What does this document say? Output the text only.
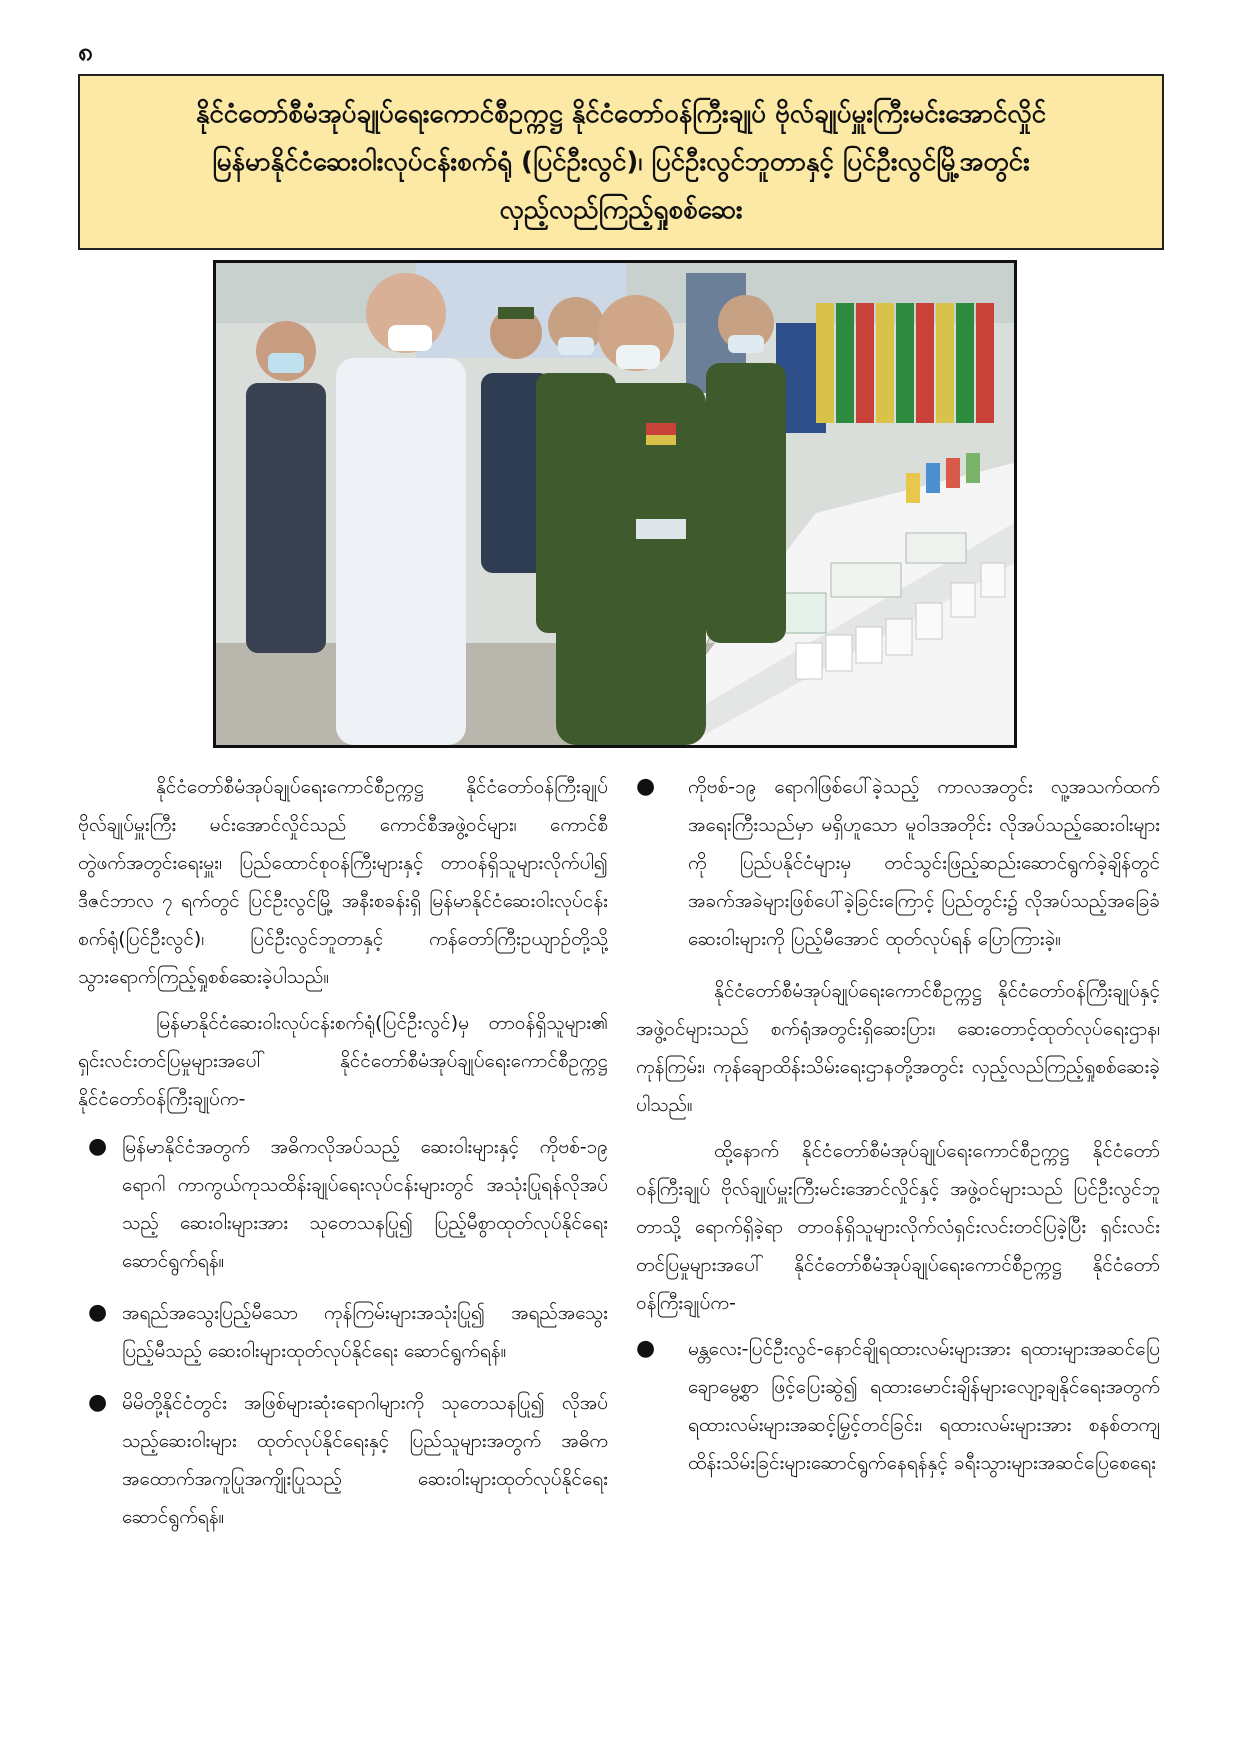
၈
နိုင်ငံတော်စီမံအုပ်ချုပ်ရေးကောင်စီဥက္ကဋ္ဌ နိုင်ငံတော်ဝန်ကြီးချုပ် ဗိုလ်ချုပ်မှူးကြီးမင်းအောင်လှိုင်
မြန်မာနိုင်ငံဆေးဝါးလုပ်ငန်းစက်ရုံ (ပြင်ဦးလွင်)၊ ပြင်ဦးလွင်ဘူတာနှင့် ပြင်ဦးလွင်မြို့အတွင်း
လှည့်လည်ကြည့်ရှုစစ်ဆေး

နိုင်ငံတော်စီမံအုပ်ချုပ်ရေးကောင်စီဥက္ကဋ္ဌ နိုင်ငံတော်ဝန်ကြီးချုပ် ဗိုလ်ချုပ်မှူးကြီး မင်းအောင်လှိုင်သည် ကောင်စီအဖွဲ့ဝင်များ၊ ကောင်စီတွဲဖက်အတွင်းရေးမှူး၊ ပြည်ထောင်စုဝန်ကြီးများနှင့် တာဝန်ရှိသူများလိုက်ပါ၍ ဒီဇင်ဘာလ ၇ ရက်တွင် ပြင်ဦးလွင်မြို့ အနီးစခန်းရှိ မြန်မာနိုင်ငံဆေးဝါးလုပ်ငန်းစက်ရုံ(ပြင်ဦးလွင်)၊ ပြင်ဦးလွင်ဘူတာနှင့် ကန်တော်ကြီးဥယျာဉ်တို့သို့ သွားရောက်ကြည့်ရှုစစ်ဆေးခဲ့ပါသည်။

မြန်မာနိုင်ငံဆေးဝါးလုပ်ငန်းစက်ရုံ(ပြင်ဦးလွင်)မှ တာဝန်ရှိသူများ၏ ရှင်းလင်းတင်ပြမှုများအပေါ် နိုင်ငံတော်စီမံအုပ်ချုပ်ရေးကောင်စီဥက္ကဋ္ဌ နိုင်ငံတော်ဝန်ကြီးချုပ်က-

● မြန်မာနိုင်ငံအတွက် အဓိကလိုအပ်သည့် ဆေးဝါးများနှင့် ကိုဗစ်-၁၉ ရောဂါ ကာကွယ်ကုသထိန်းချုပ်ရေးလုပ်ငန်းများတွင် အသုံးပြုရန်လိုအပ်သည့် ဆေးဝါးများအား သုတေသနပြု၍ ပြည့်မီစွာထုတ်လုပ်နိုင်ရေး ဆောင်ရွက်ရန်။
● အရည်အသွေးပြည့်မီသော ကုန်ကြမ်းများအသုံးပြု၍ အရည်အသွေးပြည့်မီသည့် ဆေးဝါးများထုတ်လုပ်နိုင်ရေး ဆောင်ရွက်ရန်။
● မိမိတို့နိုင်ငံတွင်း အဖြစ်များဆုံးရောဂါများကို သုတေသနပြု၍ လိုအပ်သည့်ဆေးဝါးများ ထုတ်လုပ်နိုင်ရေးနှင့် ပြည်သူများအတွက် အဓိကအထောက်အကူပြုအကျိုးပြုသည့် ဆေးဝါးများထုတ်လုပ်နိုင်ရေး ဆောင်ရွက်ရန်။
● ကိုဗစ်-၁၉ ရောဂါဖြစ်ပေါ်ခဲ့သည့် ကာလအတွင်း လူ့အသက်ထက်အရေးကြီးသည်မှာ မရှိဟူသော မူဝါဒအတိုင်း လိုအပ်သည့်ဆေးဝါးများကို ပြည်ပနိုင်ငံများမှ တင်သွင်းဖြည့်ဆည်းဆောင်ရွက်ခဲ့ချိန်တွင် အခက်အခဲများဖြစ်ပေါ်ခဲ့ခြင်းကြောင့် ပြည်တွင်း၌ လိုအပ်သည့်အခြေခံဆေးဝါးများကို ပြည့်မီအောင် ထုတ်လုပ်ရန် ပြောကြားခဲ့။

နိုင်ငံတော်စီမံအုပ်ချုပ်ရေးကောင်စီဥက္ကဋ္ဌ နိုင်ငံတော်ဝန်ကြီးချုပ်နှင့် အဖွဲ့ဝင်များသည် စက်ရုံအတွင်းရှိဆေးပြား၊ ဆေးတောင့်ထုတ်လုပ်ရေးဌာန၊ ကုန်ကြမ်း၊ ကုန်ချောထိန်းသိမ်းရေးဌာနတို့အတွင်း လှည့်လည်ကြည့်ရှုစစ်ဆေးခဲ့ပါသည်။

ထို့နောက် နိုင်ငံတော်စီမံအုပ်ချုပ်ရေးကောင်စီဥက္ကဋ္ဌ နိုင်ငံတော်ဝန်ကြီးချုပ် ဗိုလ်ချုပ်မှူးကြီးမင်းအောင်လှိုင်နှင့် အဖွဲ့ဝင်များသည် ပြင်ဦးလွင်ဘူတာသို့ ရောက်ရှိခဲ့ရာ တာဝန်ရှိသူများလိုက်လံရှင်းလင်းတင်ပြခဲ့ပြီး ရှင်းလင်းတင်ပြမှုများအပေါ် နိုင်ငံတော်စီမံအုပ်ချုပ်ရေးကောင်စီဥက္ကဋ္ဌ နိုင်ငံတော်ဝန်ကြီးချုပ်က-

● မန္တလေး-ပြင်ဦးလွင်-နောင်ချိုရထားလမ်းများအား ရထားများအဆင်ပြေချောမွေ့စွာ ဖြင့်ပြေးဆွဲ၍ ရထားမောင်းချိန်များလျော့ချနိုင်ရေးအတွက် ရထားလမ်းများအဆင့်မြှင့်တင်ခြင်း၊ ရထားလမ်းများအား စနစ်တကျထိန်းသိမ်းခြင်းများဆောင်ရွက်နေရန်နှင့် ခရီးသွားများအဆင်ပြေစေရေး
